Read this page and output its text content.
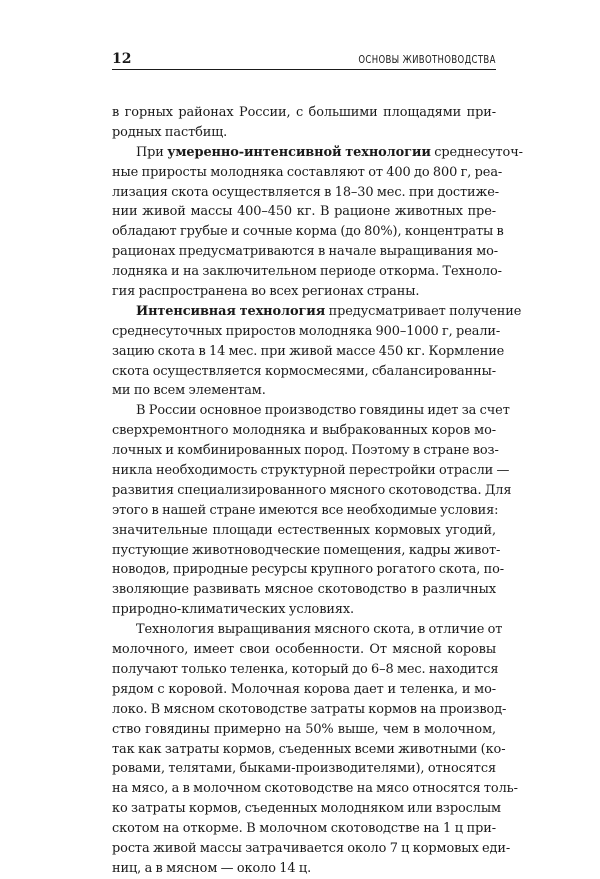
12	ОСНОВЫ ЖИВОТНОВОДСТВА
в горных районах России, с большими площадями при-
родных пастбищ.
При умеренно-интенсивной технологии среднесуточ-
ные приросты молодняка составляют от 400 до 800 г, реа-
лизация скота осуществляется в 18–30 мес. при достиже-
нии живой массы 400–450 кг. В рационе животных пре-
обладают грубые и сочные корма (до 80%), концентраты в
рационах предусматриваются в начале выращивания мо-
лодняка и на заключительном периоде откорма. Техноло-
гия распространена во всех регионах страны.
Интенсивная технология предусматривает получение
среднесуточных приростов молодняка 900–1000 г, реали-
зацию скота в 14 мес. при живой массе 450 кг. Кормление
скота осуществляется кормосмесями, сбалансированны-
ми по всем элементам.
В России основное производство говядины идет за счет
сверхремонтного молодняка и выбракованных коров мо-
лочных и комбинированных пород. Поэтому в стране воз-
никла необходимость структурной перестройки отрасли —
развития специализированного мясного скотоводства. Для
этого в нашей стране имеются все необходимые условия:
значительные площади естественных кормовых угодий,
пустующие животноводческие помещения, кадры живот-
новодов, природные ресурсы крупного рогатого скота, по-
зволяющие развивать мясное скотоводство в различных
природно-климатических условиях.
Технология выращивания мясного скота, в отличие от
молочного, имеет свои особенности. От мясной коровы
получают только теленка, который до 6–8 мес. находится
рядом с коровой. Молочная корова дает и теленка, и мо-
локо. В мясном скотоводстве затраты кормов на производ-
ство говядины примерно на 50% выше, чем в молочном,
так как затраты кормов, съеденных всеми животными (ко-
ровами, телятами, быками-производителями), относятся
на мясо, а в молочном скотоводстве на мясо относятся толь-
ко затраты кормов, съеденных молодняком или взрослым
скотом на откорме. В молочном скотоводстве на 1 ц при-
роста живой массы затрачивается около 7 ц кормовых еди-
ниц, а в мясном — около 14 ц.
